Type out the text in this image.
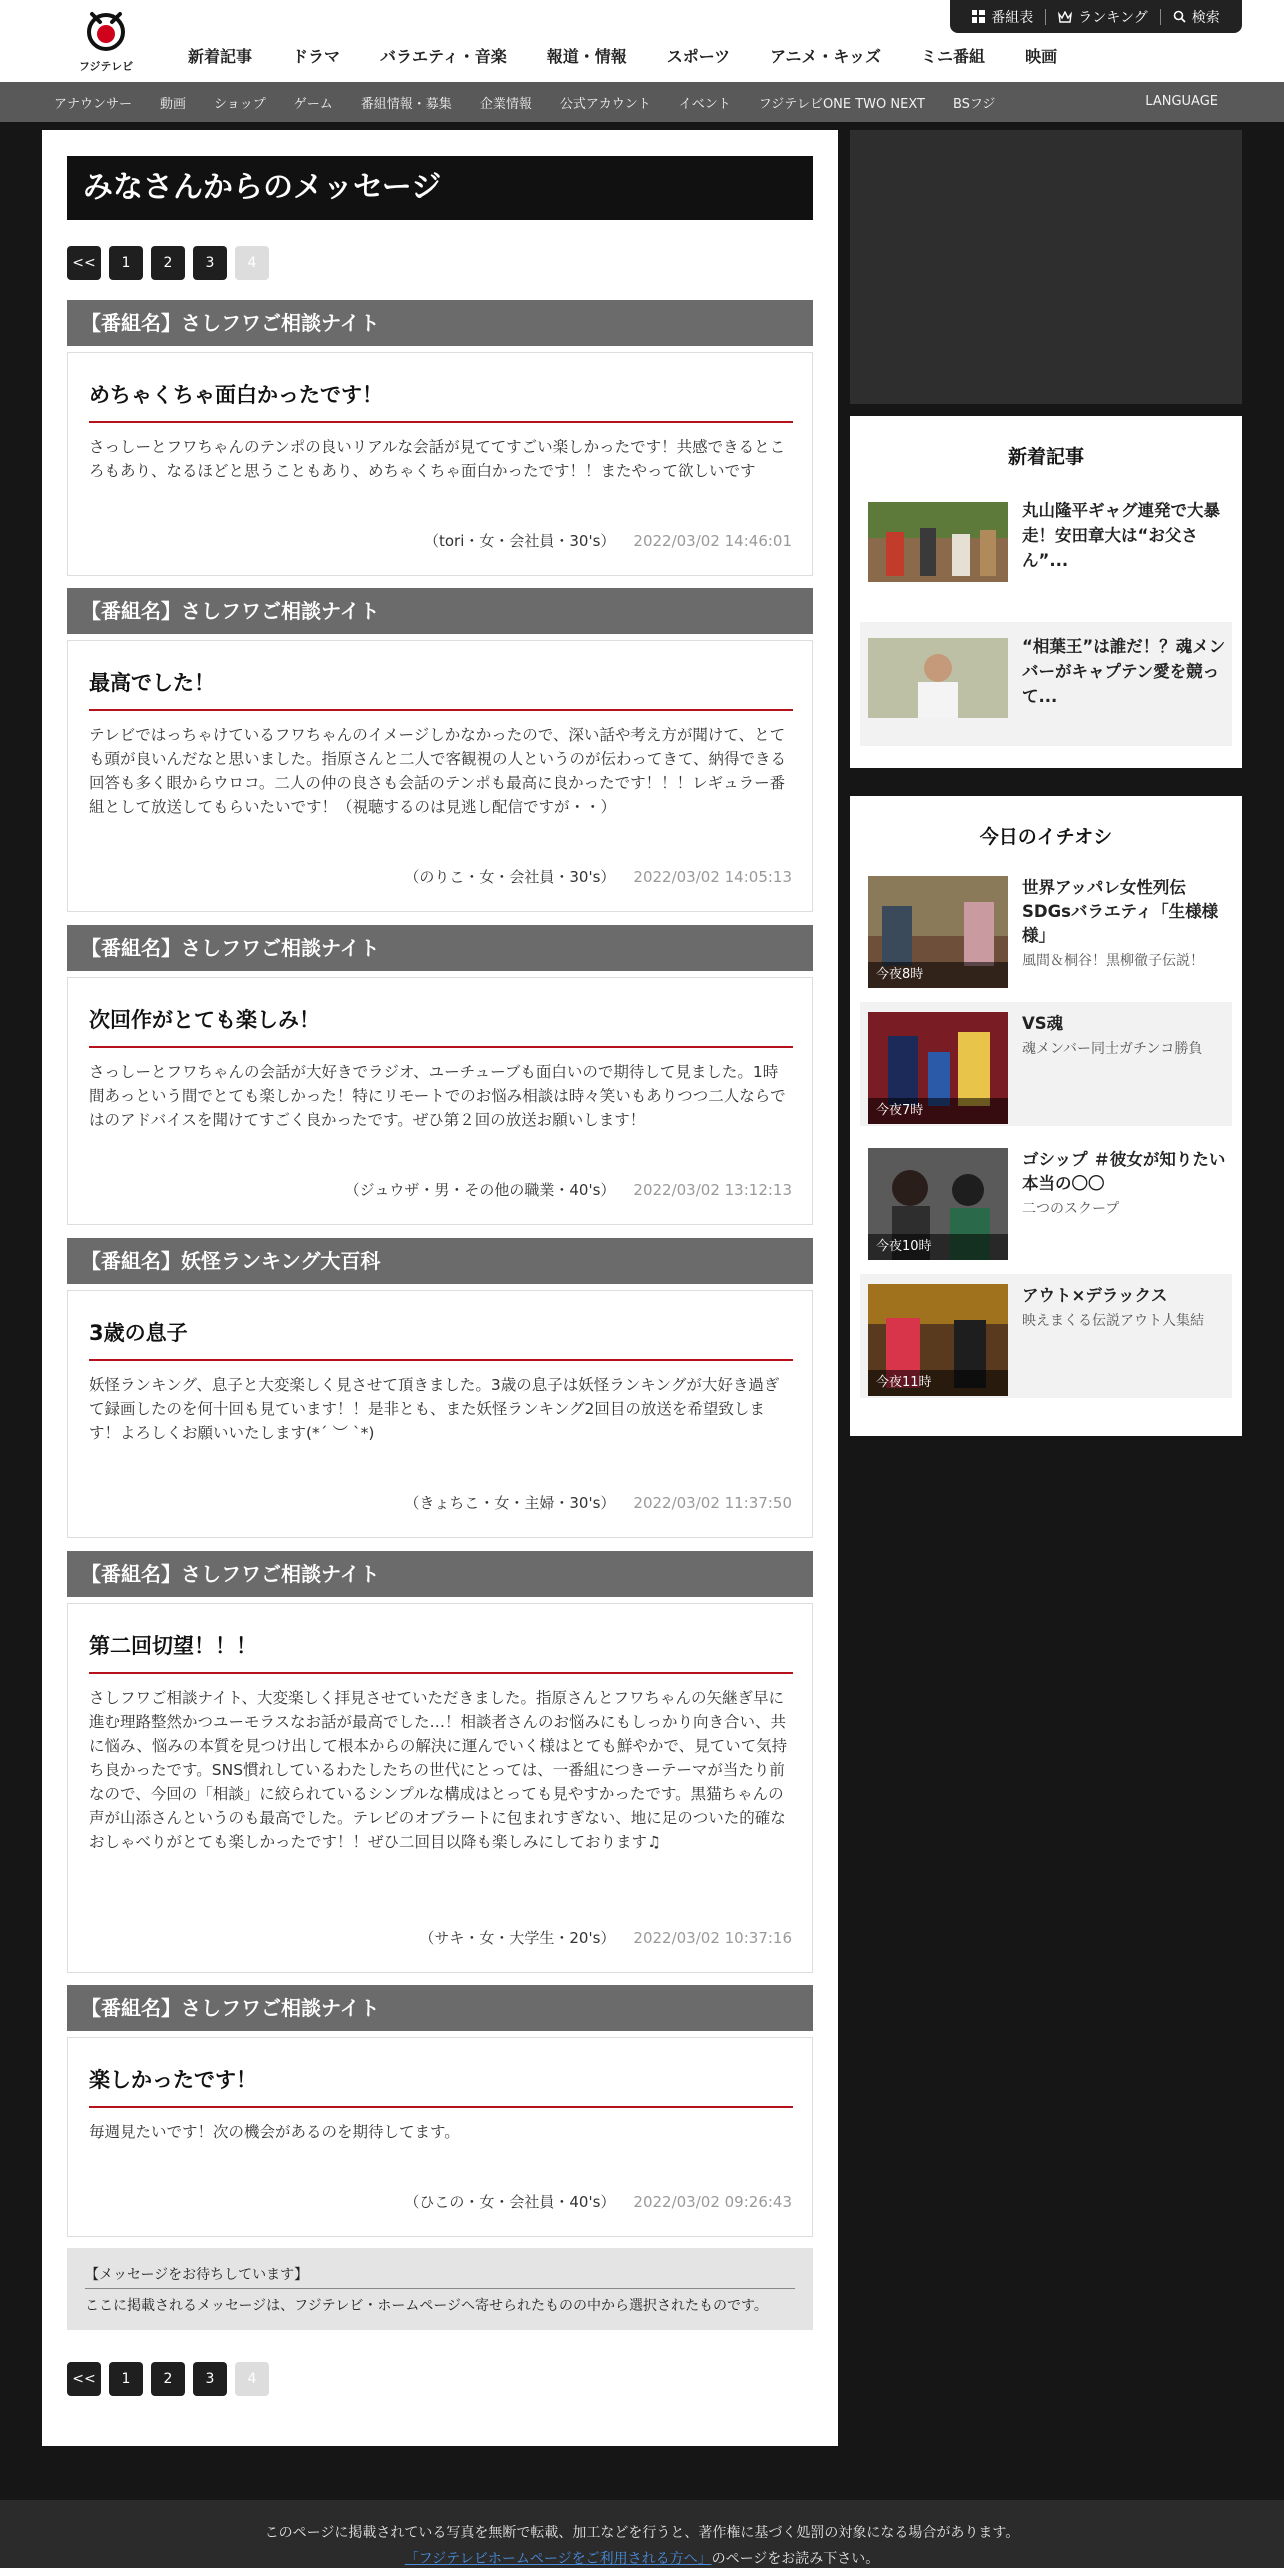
フジテレビ
新着記事	ドラマ	バラエティ・音楽	報道・情報	スポーツ	アニメ・キッズ	ミニ番組	映画
番組表	ランキング	検索
アナウンサー	動画	ショップ	ゲーム	番組情報・募集	企業情報	公式アカウント	イベント	フジテレビONE TWO NEXT	BSフジ	LANGUAGE
みなさんからのメッセージ
<<	1	2	3	4
【番組名】さしフワご相談ナイト
めちゃくちゃ面白かったです！
さっしーとフワちゃんのテンポの良いリアルな会話が見ててすごい楽しかったです！共感できるところもあり、なるほどと思うこともあり、めちゃくちゃ面白かったです！！またやって欲しいです
（tori・女・会社員・30's） 2022/03/02 14:46:01
【番組名】さしフワご相談ナイト
最高でした！
テレビではっちゃけているフワちゃんのイメージしかなかったので、深い話や考え方が聞けて、とても頭が良いんだなと思いました。指原さんと二人で客観視の人というのが伝わってきて、納得できる回答も多く眼からウロコ。二人の仲の良さも会話のテンポも最高に良かったです！！！レギュラー番組として放送してもらいたいです！（視聴するのは見逃し配信ですが・・）
（のりこ・女・会社員・30's） 2022/03/02 14:05:13
【番組名】さしフワご相談ナイト
次回作がとても楽しみ！
さっしーとフワちゃんの会話が大好きでラジオ、ユーチューブも面白いので期待して見ました。1時間あっという間でとても楽しかった！特にリモートでのお悩み相談は時々笑いもありつつ二人ならではのアドバイスを聞けてすごく良かったです。ぜひ第２回の放送お願いします！
（ジュウザ・男・その他の職業・40's） 2022/03/02 13:12:13
【番組名】妖怪ランキング大百科
3歳の息子
妖怪ランキング、息子と大変楽しく見させて頂きました。3歳の息子は妖怪ランキングが大好き過ぎて録画したのを何十回も見ています！！是非とも、また妖怪ランキング2回目の放送を希望致します！よろしくお願いいたします(*´ ︶ `*)
（きょちこ・女・主婦・30's） 2022/03/02 11:37:50
【番組名】さしフワご相談ナイト
第二回切望！！！
さしフワご相談ナイト、大変楽しく拝見させていただきました。指原さんとフワちゃんの矢継ぎ早に進む理路整然かつユーモラスなお話が最高でした…！相談者さんのお悩みにもしっかり向き合い、共に悩み、悩みの本質を見つけ出して根本からの解決に運んでいく様はとても鮮やかで、見ていて気持ち良かったです。SNS慣れしているわたしたちの世代にとっては、一番組につきーテーマが当たり前なので、今回の「相談」に絞られているシンプルな構成はとっても見やすかったです。黒猫ちゃんの声が山添さんというのも最高でした。テレビのオブラートに包まれすぎない、地に足のついた的確なおしゃべりがとても楽しかったです！！ぜひ二回目以降も楽しみにしております♫
（サキ・女・大学生・20's） 2022/03/02 10:37:16
【番組名】さしフワご相談ナイト
楽しかったです！
毎週見たいです！次の機会があるのを期待してます。
（ひこの・女・会社員・40's） 2022/03/02 09:26:43
【メッセージをお待ちしています】
ここに掲載されるメッセージは、フジテレビ・ホームページへ寄せられたものの中から選択されたものです。
<<	1	2	3	4
新着記事
丸山隆平ギャグ連発で大暴走！安田章大は“お父さん”...
“相葉王”は誰だ！？魂メンバーがキャプテン愛を競って...
今日のイチオシ
今夜8時
世界アッパレ女性列伝 SDGsバラエティ「生様様様」
風間＆桐谷！黒柳徹子伝説！
今夜7時
VS魂
魂メンバー同士ガチンコ勝負
今夜10時
ゴシップ ＃彼女が知りたい本当の〇〇
二つのスクープ
今夜11時
アウト×デラックス
映えまくる伝説アウト人集結
このページに掲載されている写真を無断で転載、加工などを行うと、著作権に基づく処罰の対象になる場合があります。
「フジテレビホームページをご利用される方へ」のページをお読み下さい。
